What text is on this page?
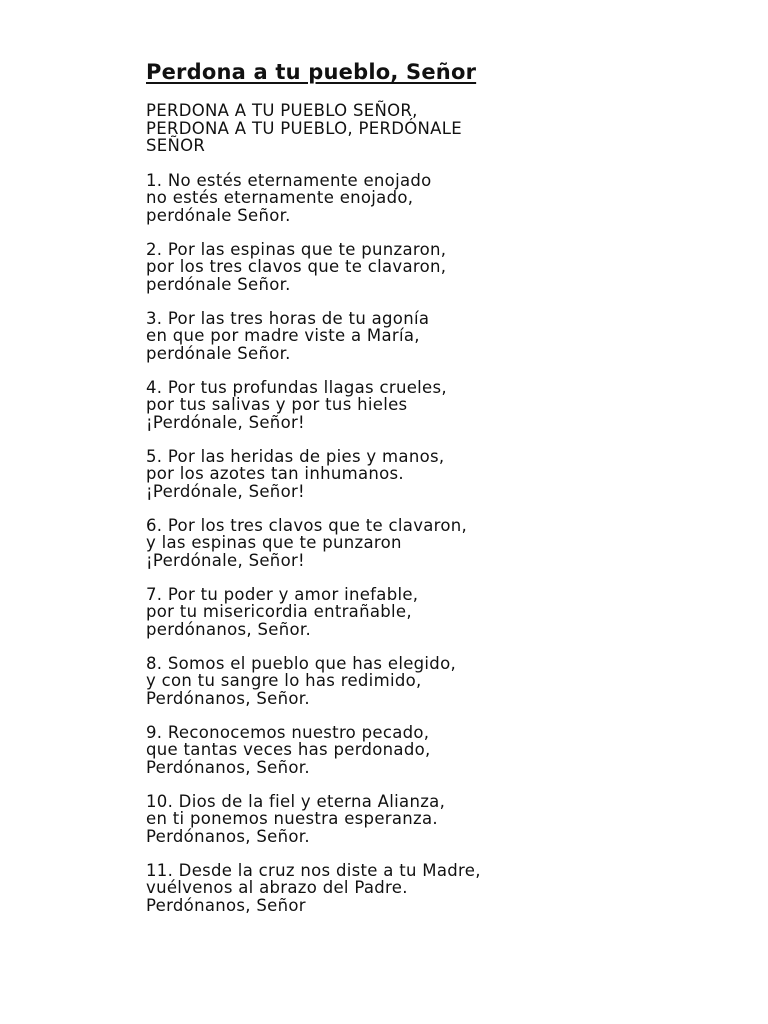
Perdona a tu pueblo, Señor
PERDONA A TU PUEBLO SEÑOR,
PERDONA A TU PUEBLO, PERDÓNALE
SEÑOR
1. No estés eternamente enojado
no estés eternamente enojado,
perdónale Señor.
2. Por las espinas que te punzaron,
por los tres clavos que te clavaron,
perdónale Señor.
3. Por las tres horas de tu agonía
en que por madre viste a María,
perdónale Señor.
4. Por tus profundas llagas crueles,
por tus salivas y por tus hieles
¡Perdónale, Señor!
5. Por las heridas de pies y manos,
por los azotes tan inhumanos.
¡Perdónale, Señor!
6. Por los tres clavos que te clavaron,
y las espinas que te punzaron
¡Perdónale, Señor!
7. Por tu poder y amor inefable,
por tu misericordia entrañable,
perdónanos, Señor.
8. Somos el pueblo que has elegido,
y con tu sangre lo has redimido,
Perdónanos, Señor.
9. Reconocemos nuestro pecado,
que tantas veces has perdonado,
Perdónanos, Señor.
10. Dios de la fiel y eterna Alianza,
en ti ponemos nuestra esperanza.
Perdónanos, Señor.
11. Desde la cruz nos diste a tu Madre,
vuélvenos al abrazo del Padre.
Perdónanos, Señor
